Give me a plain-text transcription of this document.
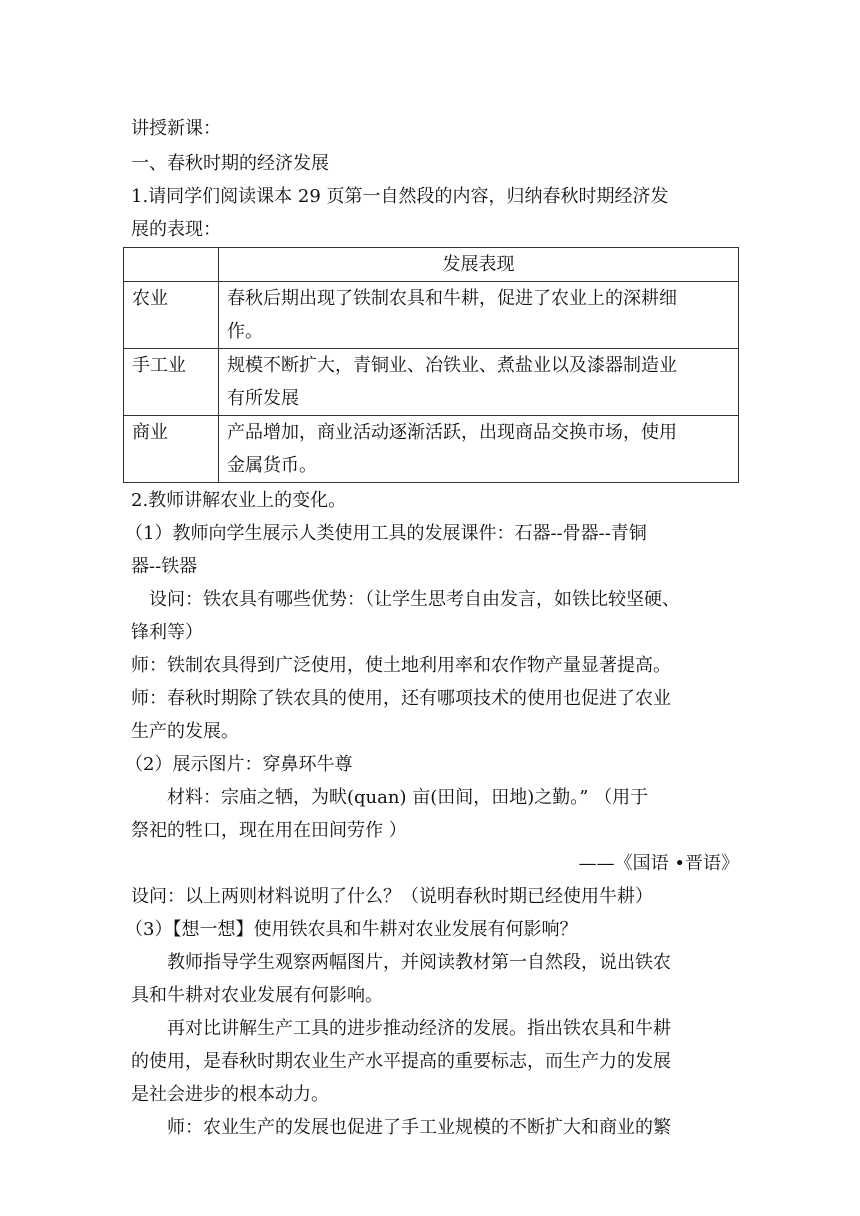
讲授新课：
一、春秋时期的经济发展
1.请同学们阅读课本 29 页第一自然段的内容，归纳春秋时期经济发
展的表现：
	发展表现
农业	春秋后期出现了铁制农具和牛耕，促进了农业上的深耕细
作。

手工业	规模不断扩大，青铜业、冶铁业、煮盐业以及漆器制造业
有所发展

商业	产品增加，商业活动逐渐活跃，出现商品交换市场，使用
金属货币。
2.教师讲解农业上的变化。
（1）教师向学生展示人类使用工具的发展课件：石器--骨器--青铜
器--铁器
设问：铁农具有哪些优势：（让学生思考自由发言，如铁比较坚硬、
锋利等）
师：铁制农具得到广泛使用，使土地利用率和农作物产量显著提高。
师：春秋时期除了铁农具的使用，还有哪项技术的使用也促进了农业
生产的发展。
（2）展示图片：穿鼻环牛尊
材料：宗庙之牺，为畎(quan) 亩(田间，田地)之勤。” （用于
祭祀的牲口，现在用在田间劳作 ）
——《国语 •晋语》
设问：以上两则材料说明了什么？（说明春秋时期已经使用牛耕）
（3）【想一想】使用铁农具和牛耕对农业发展有何影响？
教师指导学生观察两幅图片，并阅读教材第一自然段，说出铁农
具和牛耕对农业发展有何影响。
再对比讲解生产工具的进步推动经济的发展。指出铁农具和牛耕
的使用，是春秋时期农业生产水平提高的重要标志，而生产力的发展
是社会进步的根本动力。
师：农业生产的发展也促进了手工业规模的不断扩大和商业的繁
